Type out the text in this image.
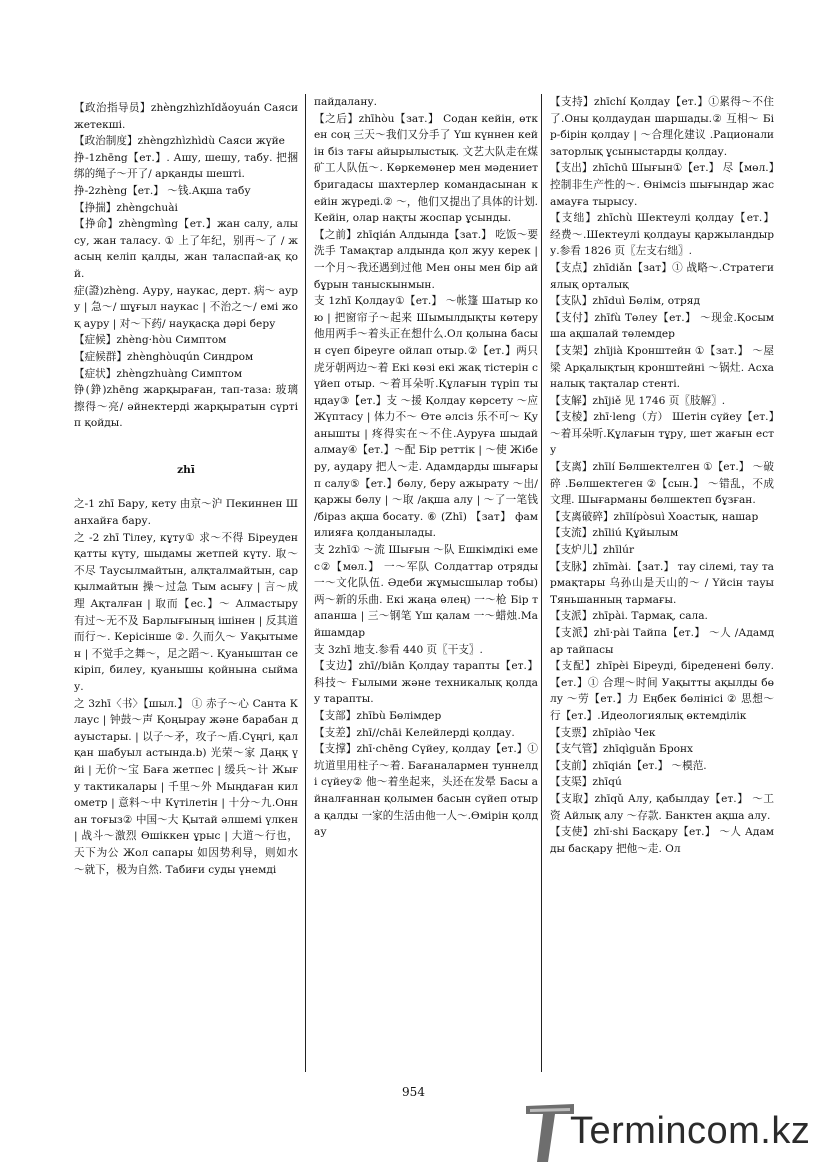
【政治指导员】zhèngzhìzhǐdǎoyuán Саяси жетекші.

【政治制度】zhèngzhìzhìdù Саяси жүйе

挣-1zhēng【ет.】. Ашу, шешу, табу. 把捆绑的绳子～开了/ арқанды шешті.

挣-2zhèng【ет.】 ～钱.Ақша табу

【挣揣】zhèngchuài

【挣命】zhèngmìng【ет.】жан салу, алысу, жан таласу. ① 上了年纪，别再～了 / жасың келіп қалды, жан таласпай-ақ қой.

症(證)zhèng. Ауру, наукас, дерт. 病～ ауру | 急～/ шұғыл наукас | 不治之～/ емі жоқ ауру | 对～下药/ науқасқа дәрі беру

【症候】zhèng·hòu Симптом

【症候群】zhènghòuqún Синдром

【症状】zhèngzhuàng Симптом

铮(錚)zhēng жарқыраған, тап-таза: 玻璃擦得～亮/ әйнектерді жарқыратын сүртіп қойды.

zhī

之-1 zhī Бару, кету 由京～沪 Пекиннен Шанхайға бару.

之 -2 zhī Тілеу, кұту① 求～不得 Біреуден қатты күту, шыдамы жетпей күту. 取～不尽 Таусылмайтын, алқталмайтын, сарқылмайтын 操～过急 Тым асығу | 言～成理 Ақталған | 取而【ес.】～ Алмастыру 有过～无不及 Барлығының ішінен | 反其道而行～. Керісінше ②. 久而久～ Уақытымен | 不觉手之舞～，足之蹈～. Қуаныштан секіріп, билеу, қуанышы қойнына сыймау.

之 3zhī〈书〉【шыл.】 ① 赤子～心 Санта Клаус | 钟鼓～声 Қоңырау және барабан дауыстары. | 以子～矛，攻子～盾.Сүңгі, қалқан шабуыл астында.b) 光荣～家 Даңқ үйі | 无价～宝 Баға жетпес | 缓兵～计 Жығу тактикалары | 千里～外 Мыңдаған километр | 意料～中 Күтілетін | 十分～九.Оннан тоғыз② 中国～大 Қытай әлшемі үлкен | 战斗～激烈 Өшіккен ұрыс | 大道～行也，天下为公 Жол сапары 如因势利导，则如水～就下，极为自然. Табиғи суды үнемді

пайдалану.

【之后】zhīhòu【зат.】 Содан кейін, өткен соң 三天～我们又分手了 Үш күннен кейін біз тағы айырылыстық. 文艺大队走在煤矿工人队伍～. Көркемөнер мен мәдениет бригадасы шахтерлер командасынан кейін жүреді.② ～，他们又提出了具体的计划.Кейін, олар нақты жоспар ұсынды.

【之前】zhīqián Алдында【зат.】 吃饭～要洗手 Тамақтар алдында қол жуу керек | 一个月～我还遇到过他 Мен оны мен бір ай бұрын таныскынмын.

支 1zhī Қолдау①【ет.】 ～帐篷 Шатыр кою | 把窗帘子～起来 Шымылдықты көтеру 他用两手～着头正在想什么.Ол қолына басын сүеп біреуге ойлап отыр.②【ет.】两只虎牙朝两边～着 Екі көзі екі жақ тістерін сүйеп отыр. ～着耳朵听.Құлағын түріп тыңдау③【ет.】支 ～援 Қолдау көрсету ～应 Жүптасу | 体力不～ Өте әлсіз 乐不可～ Қуанышты | 疼得实在～不住.Ауруға шыдай алмау④【ет.】～配 Бір реттік | ～使 Жіберу, аудару 把人～走. Адамдарды шығарып салу⑤【ет.】бөлу, беру ажырату ～出/қаржы бөлу | ～取 /ақша алу | ～了一笔钱 /біраз ақша босату. ⑥ (Zhī) 【зат】 фамилияға қолданылады.

支 2zhī① ～流 Шығын ～队 Ешкімдікі емес②【мөл.】 一～军队 Солдаттар отряды 一～文化队伍. Әдеби жұмысшылар тобы) 两～新的乐曲. Екі жаңа өлең) 一～枪 Бір тапанша | 三～钢笔 Үш қалам 一～蜡烛.Майшамдар

支 3zhī 地支.参看 440 页〖干支〗.

【支边】zhī//biān Қолдау тарапты【ет.】 科技～ Ғылыми және техникалық қолдау тарапты.

【支部】zhībù Бөлімдер

【支差】zhī//chāi Келейлерді қолдау.

【支撑】zhī·chēng Сүйеу, қолдау【ет.】① 坑道里用柱子～着. Бағаналармен туннелді сүйеу② 他～着坐起来，头还在发晕 Басы айналғаннан қолымен басын сүйеп отыра қалды 一家的生活由他一人～.Өмірін қолдау

【支持】zhīchí Қолдау【ет.】①累得～不住了.Оны қолдаудан шаршады.② 互相～ Бір-бірін қолдау | ～合理化建议 .Рационализаторлық ұсыныстарды қолдау.

【支出】zhīchū Шығын①【ет.】 尽【мөл.】控制非生产性的～. Өнімсіз шығындар жасамауға тырысу.

【支绌】zhīchù Шектеулі қолдау【ет.】 经费～.Шектеулі қолдауы қаржыландыру.参看 1826 页〖左支右绌〗.

【支点】zhīdiǎn【зат】① 战略～.Стратегиялық орталық

【支队】zhīduì Бөлім, отряд

【支付】zhīfù Төлеу【ет.】 ～现金.Қосымша ақшалай төлемдер

【支架】zhījià Кронштейн ①【зат.】 ～屋梁 Арқалықтың кронштейні ～锅灶. Асханалық тақталар стенті.

【支解】zhījiě 见 1746 页〖肢解〗.

【支棱】zhī·leng（方） Шетін сүйеу【ет.】～着耳朵听.Құлағын тұру, шет жағын есту

【支离】zhīlí Бөлшектелген ①【ет.】 ～破碎 .Бөлшектеген ②【сын.】 ～错乱，不成文理. Шығарманы бөлшектеп бұзған.

【支离破碎】zhīlípòsuì Хоастық, нашар

【支流】zhīliú Құйылым

【支炉儿】zhīlúr

【支脉】zhīmài.【зат.】 тау сілемі, тау тармақтары 乌孙山是天山的～ / Үйсін тауы Тяньшанның тармағы.

【支派】zhīpài. Тармақ, сала.

【支派】zhī·pài Тайпа【ет.】 ～人 /Адамдар тайпасы

【支配】zhīpèi Біреуді, біреденені бөлу.【ет.】① 合理～时间 Уақытты ақылды бөлу ～劳【ет.】力 Еңбек бөлінісі ② 思想～行【ет.】.Идеологиялық өктемділік

【支票】zhīpiào Чек

【支气管】zhīqìguǎn Бронх

【支前】zhīqián【ет.】 ～模范.

【支渠】zhīqú

【支取】zhīqǔ Алу, қабылдау【ет.】 ～工资 Айлық алу ～存款. Банктен ақша алу.

【支使】zhī·shi Басқару【ет.】 ～人 Адамды басқару 把他～走. Ол

954
Termincom.kz
